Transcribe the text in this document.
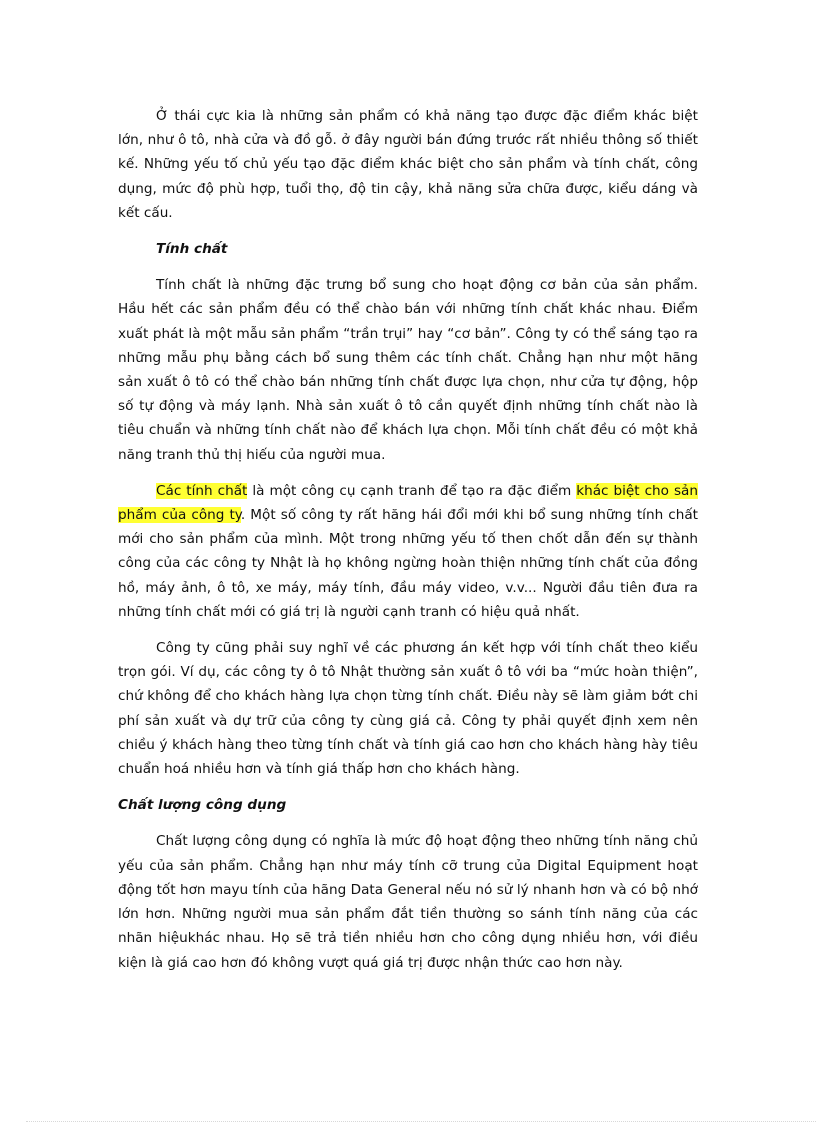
Ở thái cực kia là những sản phẩm có khả năng tạo được đặc điểm khác biệt lớn, như ô tô, nhà cửa và đồ gỗ. ở đây người bán đứng trước rất nhiều thông số thiết kế. Những yếu tố chủ yếu tạo đặc điểm khác biệt cho sản phẩm và tính chất, công dụng, mức độ phù hợp, tuổi thọ, độ tin cậy, khả năng sửa chữa được, kiểu dáng và kết cấu.

Tính chất

Tính chất là những đặc trưng bổ sung cho hoạt động cơ bản của sản phẩm. Hầu hết các sản phẩm đều có thể chào bán với những tính chất khác nhau. Điểm xuất phát là một mẫu sản phẩm “trần trụi” hay “cơ bản”. Công ty có thể sáng tạo ra những mẫu phụ bằng cách bổ sung thêm các tính chất. Chẳng hạn như một hãng sản xuất ô tô có thể chào bán những tính chất được lựa chọn, như cửa tự động, hộp số tự động và máy lạnh. Nhà sản xuất ô tô cần quyết định những tính chất nào là tiêu chuẩn và những tính chất nào để khách lựa chọn. Mỗi tính chất đều có một khả năng tranh thủ thị hiếu của người mua.

Các tính chất là một công cụ cạnh tranh để tạo ra đặc điểm khác biệt cho sản phẩm của công ty. Một số công ty rất hăng hái đổi mới khi bổ sung những tính chất mới cho sản phẩm của mình. Một trong những yếu tố then chốt dẫn đến sự thành công của các công ty Nhật là họ không ngừng hoàn thiện những tính chất của đồng hồ, máy ảnh, ô tô, xe máy, máy tính, đầu máy video, v.v... Người đầu tiên đưa ra những tính chất mới có giá trị là người cạnh tranh có hiệu quả nhất.

Công ty cũng phải suy nghĩ về các phương án kết hợp với tính chất theo kiểu trọn gói. Ví dụ, các công ty ô tô Nhật thường sản xuất ô tô với ba “mức hoàn thiện”, chứ không để cho khách hàng lựa chọn từng tính chất. Điều này sẽ làm giảm bớt chi phí sản xuất và dự trữ của công ty cùng giá cả. Công ty phải quyết định xem nên chiều ý khách hàng theo từng tính chất và tính giá cao hơn cho khách hàng hày tiêu chuẩn hoá nhiều hơn và tính giá thấp hơn cho khách hàng.

Chất lượng công dụng

Chất lượng công dụng có nghĩa là mức độ hoạt động theo những tính năng chủ yếu của sản phẩm. Chẳng hạn như máy tính cỡ trung của Digital Equipment hoạt động tốt hơn mayu tính của hãng Data General nếu nó sử lý nhanh hơn và có bộ nhớ lớn hơn. Những người mua sản phẩm đắt tiền thường so sánh tính năng của các nhãn hiệukhác nhau. Họ sẽ trả tiền nhiều hơn cho công dụng nhiều hơn, với điều kiện là giá cao hơn đó không vượt quá giá trị được nhận thức cao hơn này.
